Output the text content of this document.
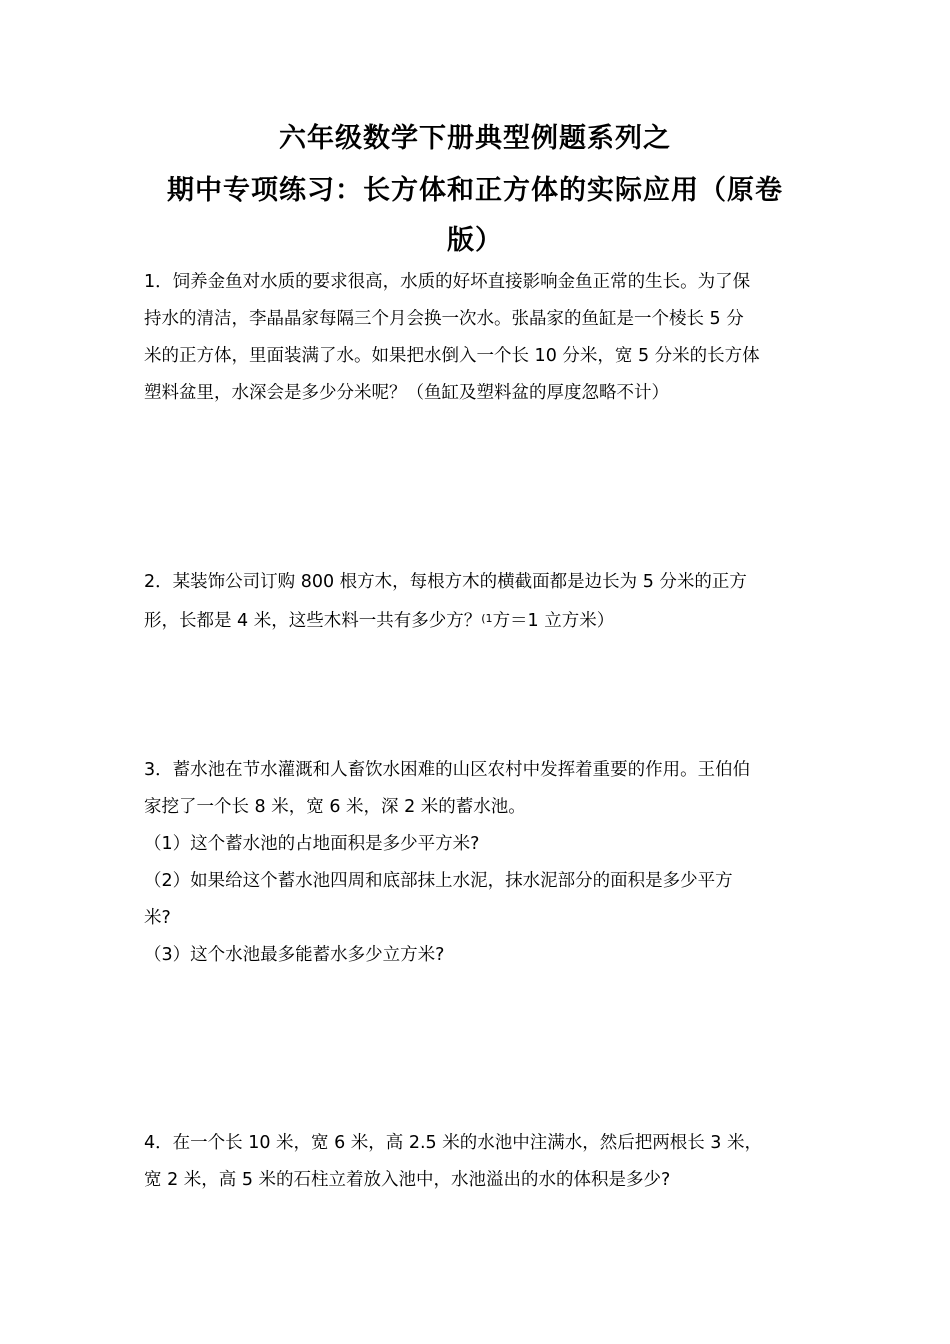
六年级数学下册典型例题系列之
期中专项练习：长方体和正方体的实际应用（原卷
版）
1．饲养金鱼对水质的要求很高，水质的好坏直接影响金鱼正常的生长。为了保
持水的清洁，李晶晶家每隔三个月会换一次水。张晶家的鱼缸是一个棱长 5 分
米的正方体，里面装满了水。如果把水倒入一个长 10 分米，宽 5 分米的长方体
塑料盆里，水深会是多少分米呢？（鱼缸及塑料盆的厚度忽略不计）
2．某装饰公司订购 800 根方木，每根方木的横截面都是边长为 5 分米的正方
形，长都是 4 米，这些木料一共有多少方？$^{(1}$方＝1 立方米）
3．蓄水池在节水灌溉和人畜饮水困难的山区农村中发挥着重要的作用。王伯伯
家挖了一个长 8 米，宽 6 米，深 2 米的蓄水池。
（1）这个蓄水池的占地面积是多少平方米?
（2）如果给这个蓄水池四周和底部抹上水泥，抹水泥部分的面积是多少平方
米?
（3）这个水池最多能蓄水多少立方米?
4．在一个长 10 米，宽 6 米，高 2.5 米的水池中注满水，然后把两根长 3 米，
宽 2 米，高 5 米的石柱立着放入池中，水池溢出的水的体积是多少?
